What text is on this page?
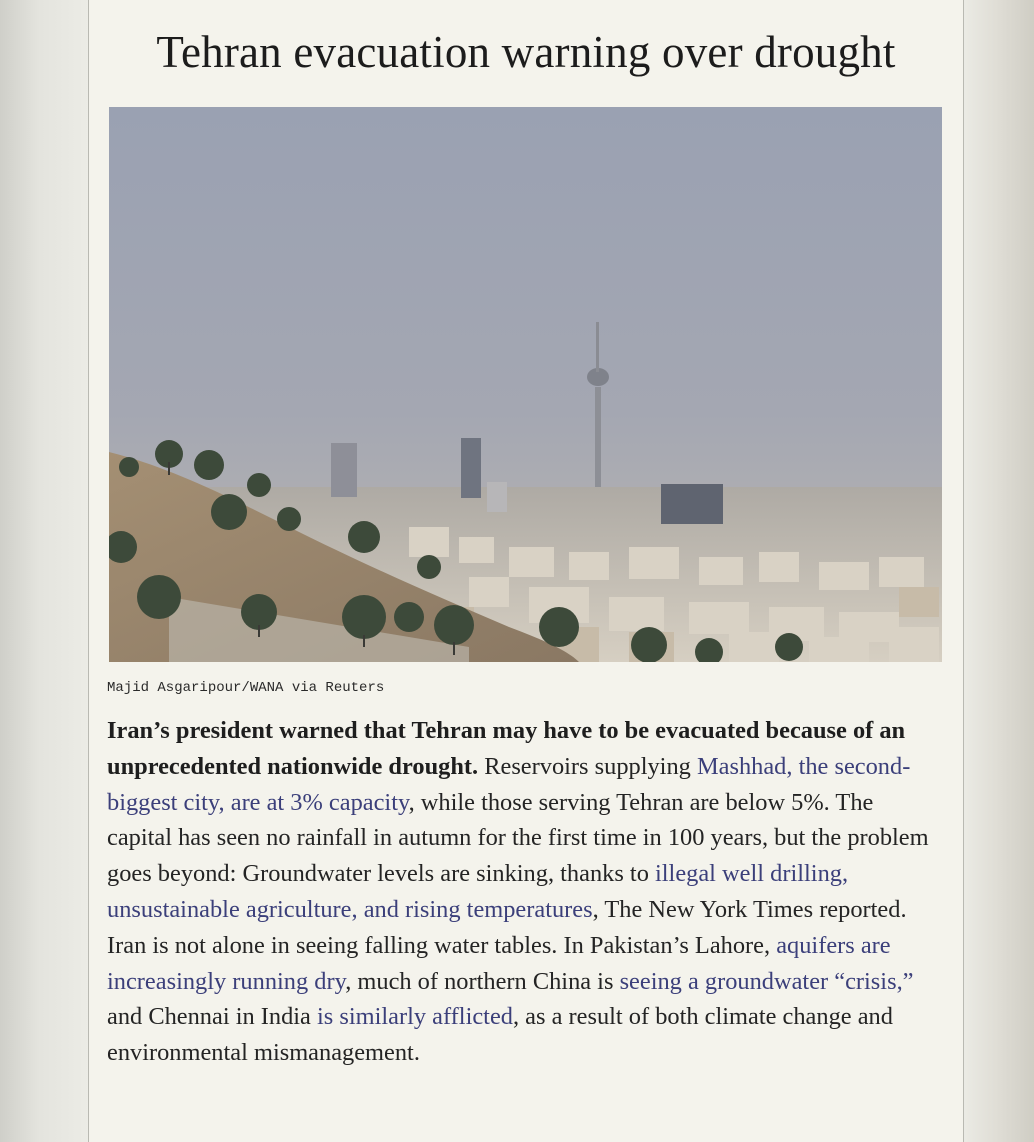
Tehran evacuation warning over drought
Majid Asgaripour/WANA via Reuters
Iran’s president warned that Tehran may have to be evacuated because of an unprecedented nationwide drought. Reservoirs supplying Mashhad, the second-biggest city, are at 3% capacity, while those serving Tehran are below 5%. The capital has seen no rainfall in autumn for the first time in 100 years, but the problem goes beyond: Groundwater levels are sinking, thanks to illegal well drilling, unsustainable agriculture, and rising temperatures, The New York Times reported. Iran is not alone in seeing falling water tables. In Pakistan’s Lahore, aquifers are increasingly running dry, much of northern China is seeing a groundwater “crisis,” and Chennai in India is similarly afflicted, as a result of both climate change and environmental mismanagement.
